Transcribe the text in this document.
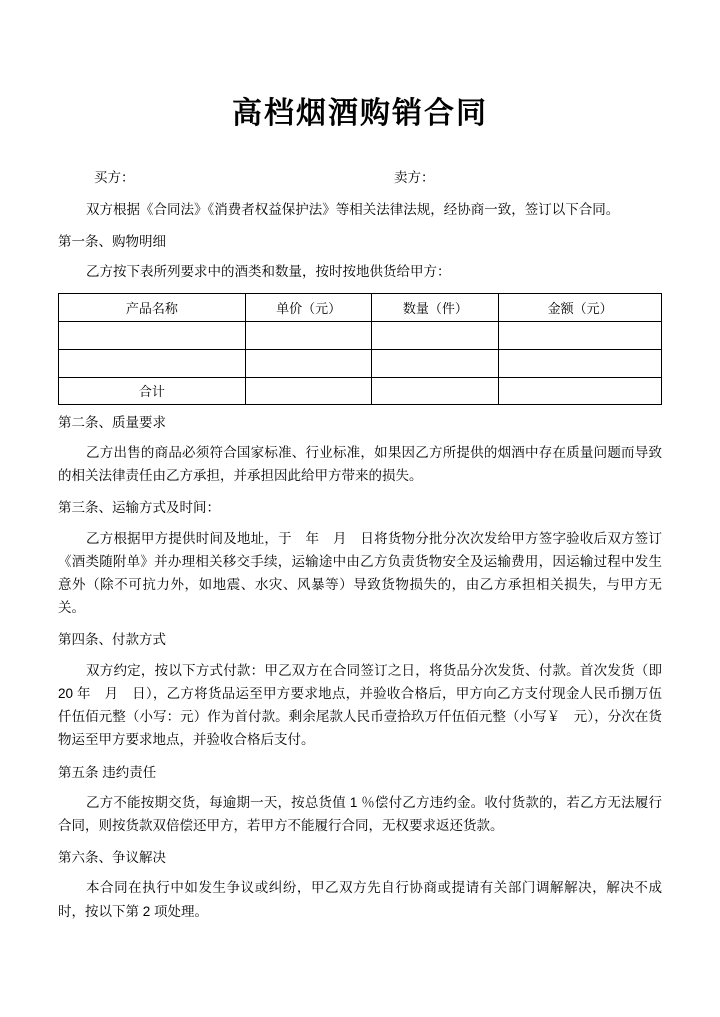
高档烟酒购销合同
买方：	卖方：

双方根据《合同法》《消费者权益保护法》等相关法律法规，经协商一致，签订以下合同。

第一条、购物明细

乙方按下表所列要求中的酒类和数量，按时按地供货给甲方：

产品名称	单价（元）	数量（件）	金额（元）

合计			

第二条、质量要求

乙方出售的商品必须符合国家标准、行业标准，如果因乙方所提供的烟酒中存在质量问题而导致的相关法律责任由乙方承担，并承担因此给甲方带来的损失。

第三条、运输方式及时间：

乙方根据甲方提供时间及地址，于　年　月　日将货物分批分次次发给甲方签字验收后双方签订《酒类随附单》并办理相关移交手续，运输途中由乙方负责货物安全及运输费用，因运输过程中发生意外（除不可抗力外，如地震、水灾、风暴等）导致货物损失的，由乙方承担相关损失，与甲方无关。

第四条、付款方式

双方约定，按以下方式付款：甲乙双方在合同签订之日，将货品分次发货、付款。首次发货（即 20 年　月　日），乙方将货品运至甲方要求地点，并验收合格后，甲方向乙方支付现金人民币捌万伍仟伍佰元整（小写：元）作为首付款。剩余尾款人民币壹拾玖万仟伍佰元整（小写￥　元），分次在货物运至甲方要求地点，并验收合格后支付。

第五条 违约责任

乙方不能按期交货，每逾期一天，按总货值 1 ％偿付乙方违约金。收付货款的，若乙方无法履行合同，则按货款双倍偿还甲方，若甲方不能履行合同，无权要求返还货款。

第六条、争议解决

本合同在执行中如发生争议或纠纷，甲乙双方先自行协商或提请有关部门调解解决，解决不成时，按以下第 2 项处理。
